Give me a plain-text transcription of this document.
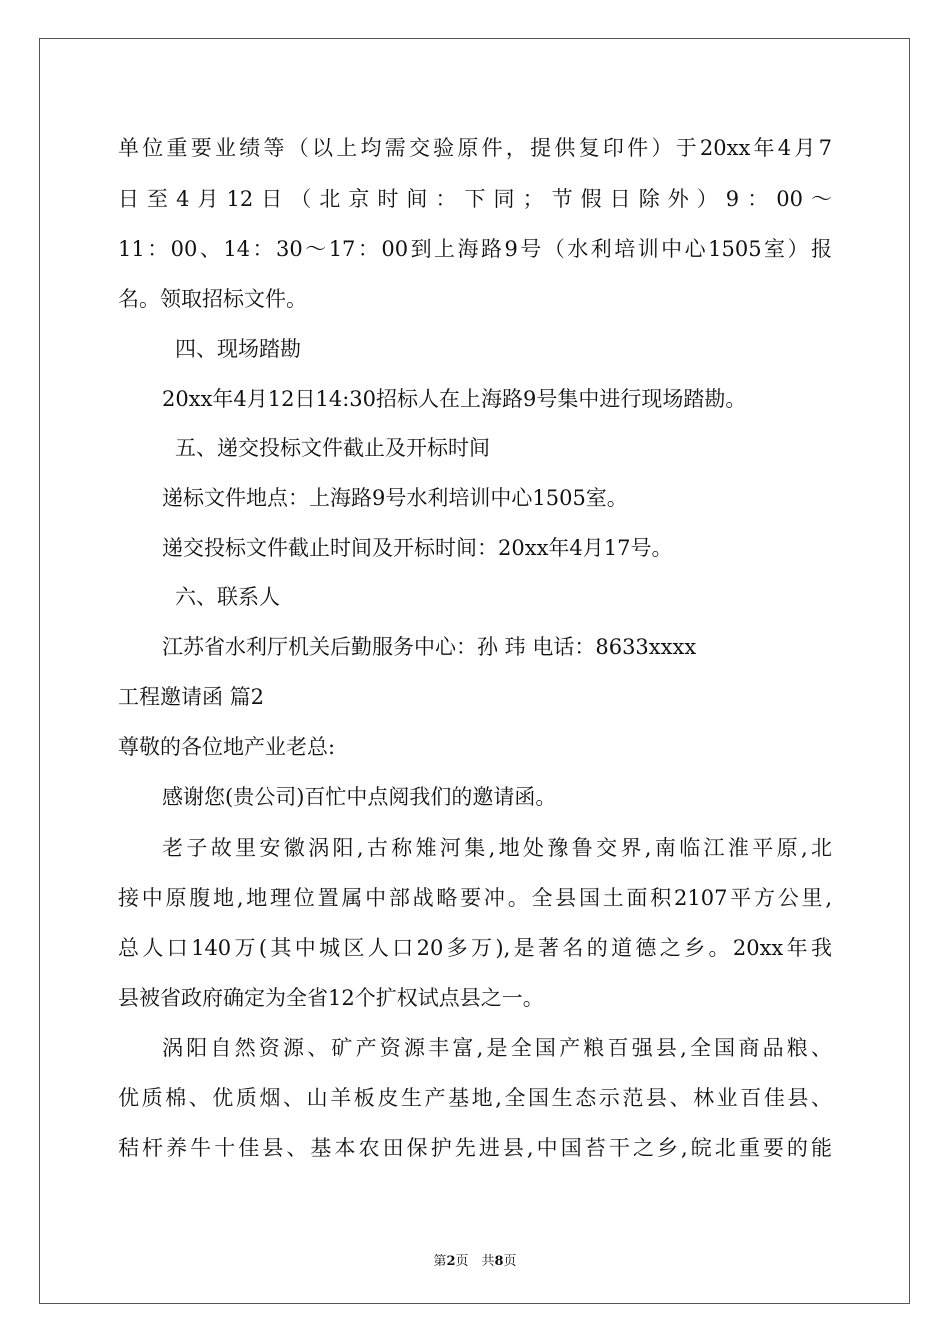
单位重要业绩等（以上均需交验原件，提供复印件）于20xx年4月7
日至4月12日（北京时间：下同；节假日除外）9：00～
11：00、14：30～17：00到上海路9号（水利培训中心1505室）报
名。领取招标文件。
四、现场踏勘
20xx年4月12日14:30招标人在上海路9号集中进行现场踏勘。
五、递交投标文件截止及开标时间
递标文件地点：上海路9号水利培训中心1505室。
递交投标文件截止时间及开标时间：20xx年4月17号。
六、联系人
江苏省水利厅机关后勤服务中心：孙 玮 电话：8633xxxx
工程邀请函 篇2
尊敬的各位地产业老总:
感谢您(贵公司)百忙中点阅我们的邀请函。
老子故里安徽涡阳,古称雉河集,地处豫鲁交界,南临江淮平原,北
接中原腹地,地理位置属中部战略要冲。全县国土面积2107平方公里,
总人口140万(其中城区人口20多万),是著名的道德之乡。20xx年我
县被省政府确定为全省12个扩权试点县之一。
涡阳自然资源、矿产资源丰富,是全国产粮百强县,全国商品粮、
优质棉、优质烟、山羊板皮生产基地,全国生态示范县、林业百佳县、
秸杆养牛十佳县、基本农田保护先进县,中国苔干之乡,皖北重要的能
第2页　共8页
